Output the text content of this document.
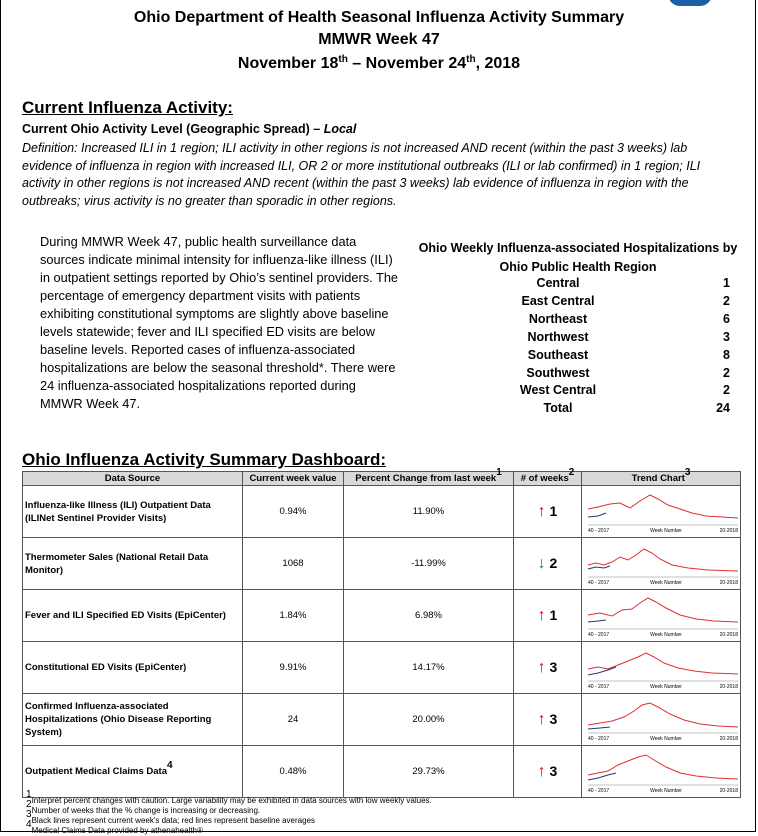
Ohio Department of Health Seasonal Influenza Activity Summary
MMWR Week 47
November 18th – November 24th, 2018
Current Influenza Activity:
Current Ohio Activity Level (Geographic Spread) – Local
Definition: Increased ILI in 1 region; ILI activity in other regions is not increased AND recent (within the past 3 weeks) lab evidence of influenza in region with increased ILI, OR 2 or more institutional outbreaks (ILI or lab confirmed) in 1 region; ILI activity in other regions is not increased AND recent (within the past 3 weeks) lab evidence of influenza in region with the outbreaks; virus activity is no greater than sporadic in other regions.
During MMWR Week 47, public health surveillance data sources indicate minimal intensity for influenza-like illness (ILI) in outpatient settings reported by Ohio’s sentinel providers. The percentage of emergency department visits with patients exhibiting constitutional symptoms are slightly above baseline levels statewide; fever and ILI specified ED visits are below baseline levels. Reported cases of influenza-associated hospitalizations are below the seasonal threshold*. There were 24 influenza-associated hospitalizations reported during MMWR Week 47.
Ohio Weekly Influenza-associated Hospitalizations by Ohio Public Health Region
Central	1
East Central	2
Northeast	6
Northwest	3
Southeast	8
Southwest	2
West Central	2
Total	24
Ohio Influenza Activity Summary Dashboard:
Data Source	Current week value	Percent Change from last week$^1$	# of weeks$^2$	Trend Chart$^3$
Influenza-like Illness (ILI) Outpatient Data (ILINet Sentinel Provider Visits)	0.94%	11.90%	↑ 1	40 - 2017 Week Number 20-2018

Thermometer Sales (National Retail Data Monitor)	1068	-11.99%	↓ 2	40 - 2017 Week Number 20-2018

Fever and ILI Specified ED Visits (EpiCenter)	1.84%	6.98%	↑ 1	40 - 2017 Week Number 20-2018

Constitutional ED Visits (EpiCenter)	9.91%	14.17%	↑ 3	40 - 2017 Week Number 20-2018

Confirmed Influenza-associated Hospitalizations (Ohio Disease Reporting System)	24	20.00%	↑ 3	40 - 2017 Week Number 20-2018

Outpatient Medical Claims Data$^4$	0.48%	29.73%	↑ 3	40 - 2017 Week Number 20-2018
$^1$Interpret percent changes with caution. Large variability may be exhibited in data sources with low weekly values.
$^2$Number of weeks that the % change is increasing or decreasing.
$^3$Black lines represent current week's data; red lines represent baseline averages
$^4$Medical Claims Data provided by athenahealth®
